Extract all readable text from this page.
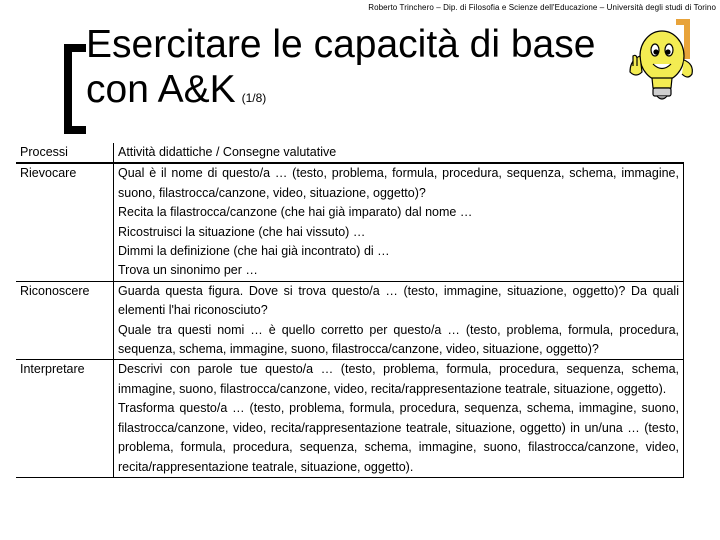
Roberto Trinchero – Dip. di Filosofia e Scienze dell'Educazione – Università degli studi di Torino
Esercitare le capacità di base
con A&K (1/8)
Processi	Attività didattiche / Consegne valutative
Rievocare	Qual è il nome di questo/a … (testo, problema, formula, procedura, sequenza, schema, immagine, suono, filastrocca/canzone, video, situazione, oggetto)?
Recita la filastrocca/canzone (che hai già imparato) dal nome …
Ricostruisci la situazione (che hai vissuto) …
Dimmi la definizione (che hai già incontrato) di …
Trova un sinonimo per …

Riconoscere	Guarda questa figura. Dove si trova questo/a … (testo, immagine, situazione, oggetto)? Da quali elementi l'hai riconosciuto?
Quale tra questi nomi … è quello corretto per questo/a … (testo, problema, formula, procedura, sequenza, schema, immagine, suono, filastrocca/canzone, video, situazione, oggetto)?

Interpretare	Descrivi con parole tue questo/a … (testo, problema, formula, procedura, sequenza, schema, immagine, suono, filastrocca/canzone, video, recita/rappresentazione teatrale, situazione, oggetto).
Trasforma questo/a … (testo, problema, formula, procedura, sequenza, schema, immagine, suono, filastrocca/canzone, video, recita/rappresentazione teatrale, situazione, oggetto) in un/una … (testo, problema, formula, procedura, sequenza, schema, immagine, suono, filastrocca/canzone, video, recita/rappresentazione teatrale, situazione, oggetto).
